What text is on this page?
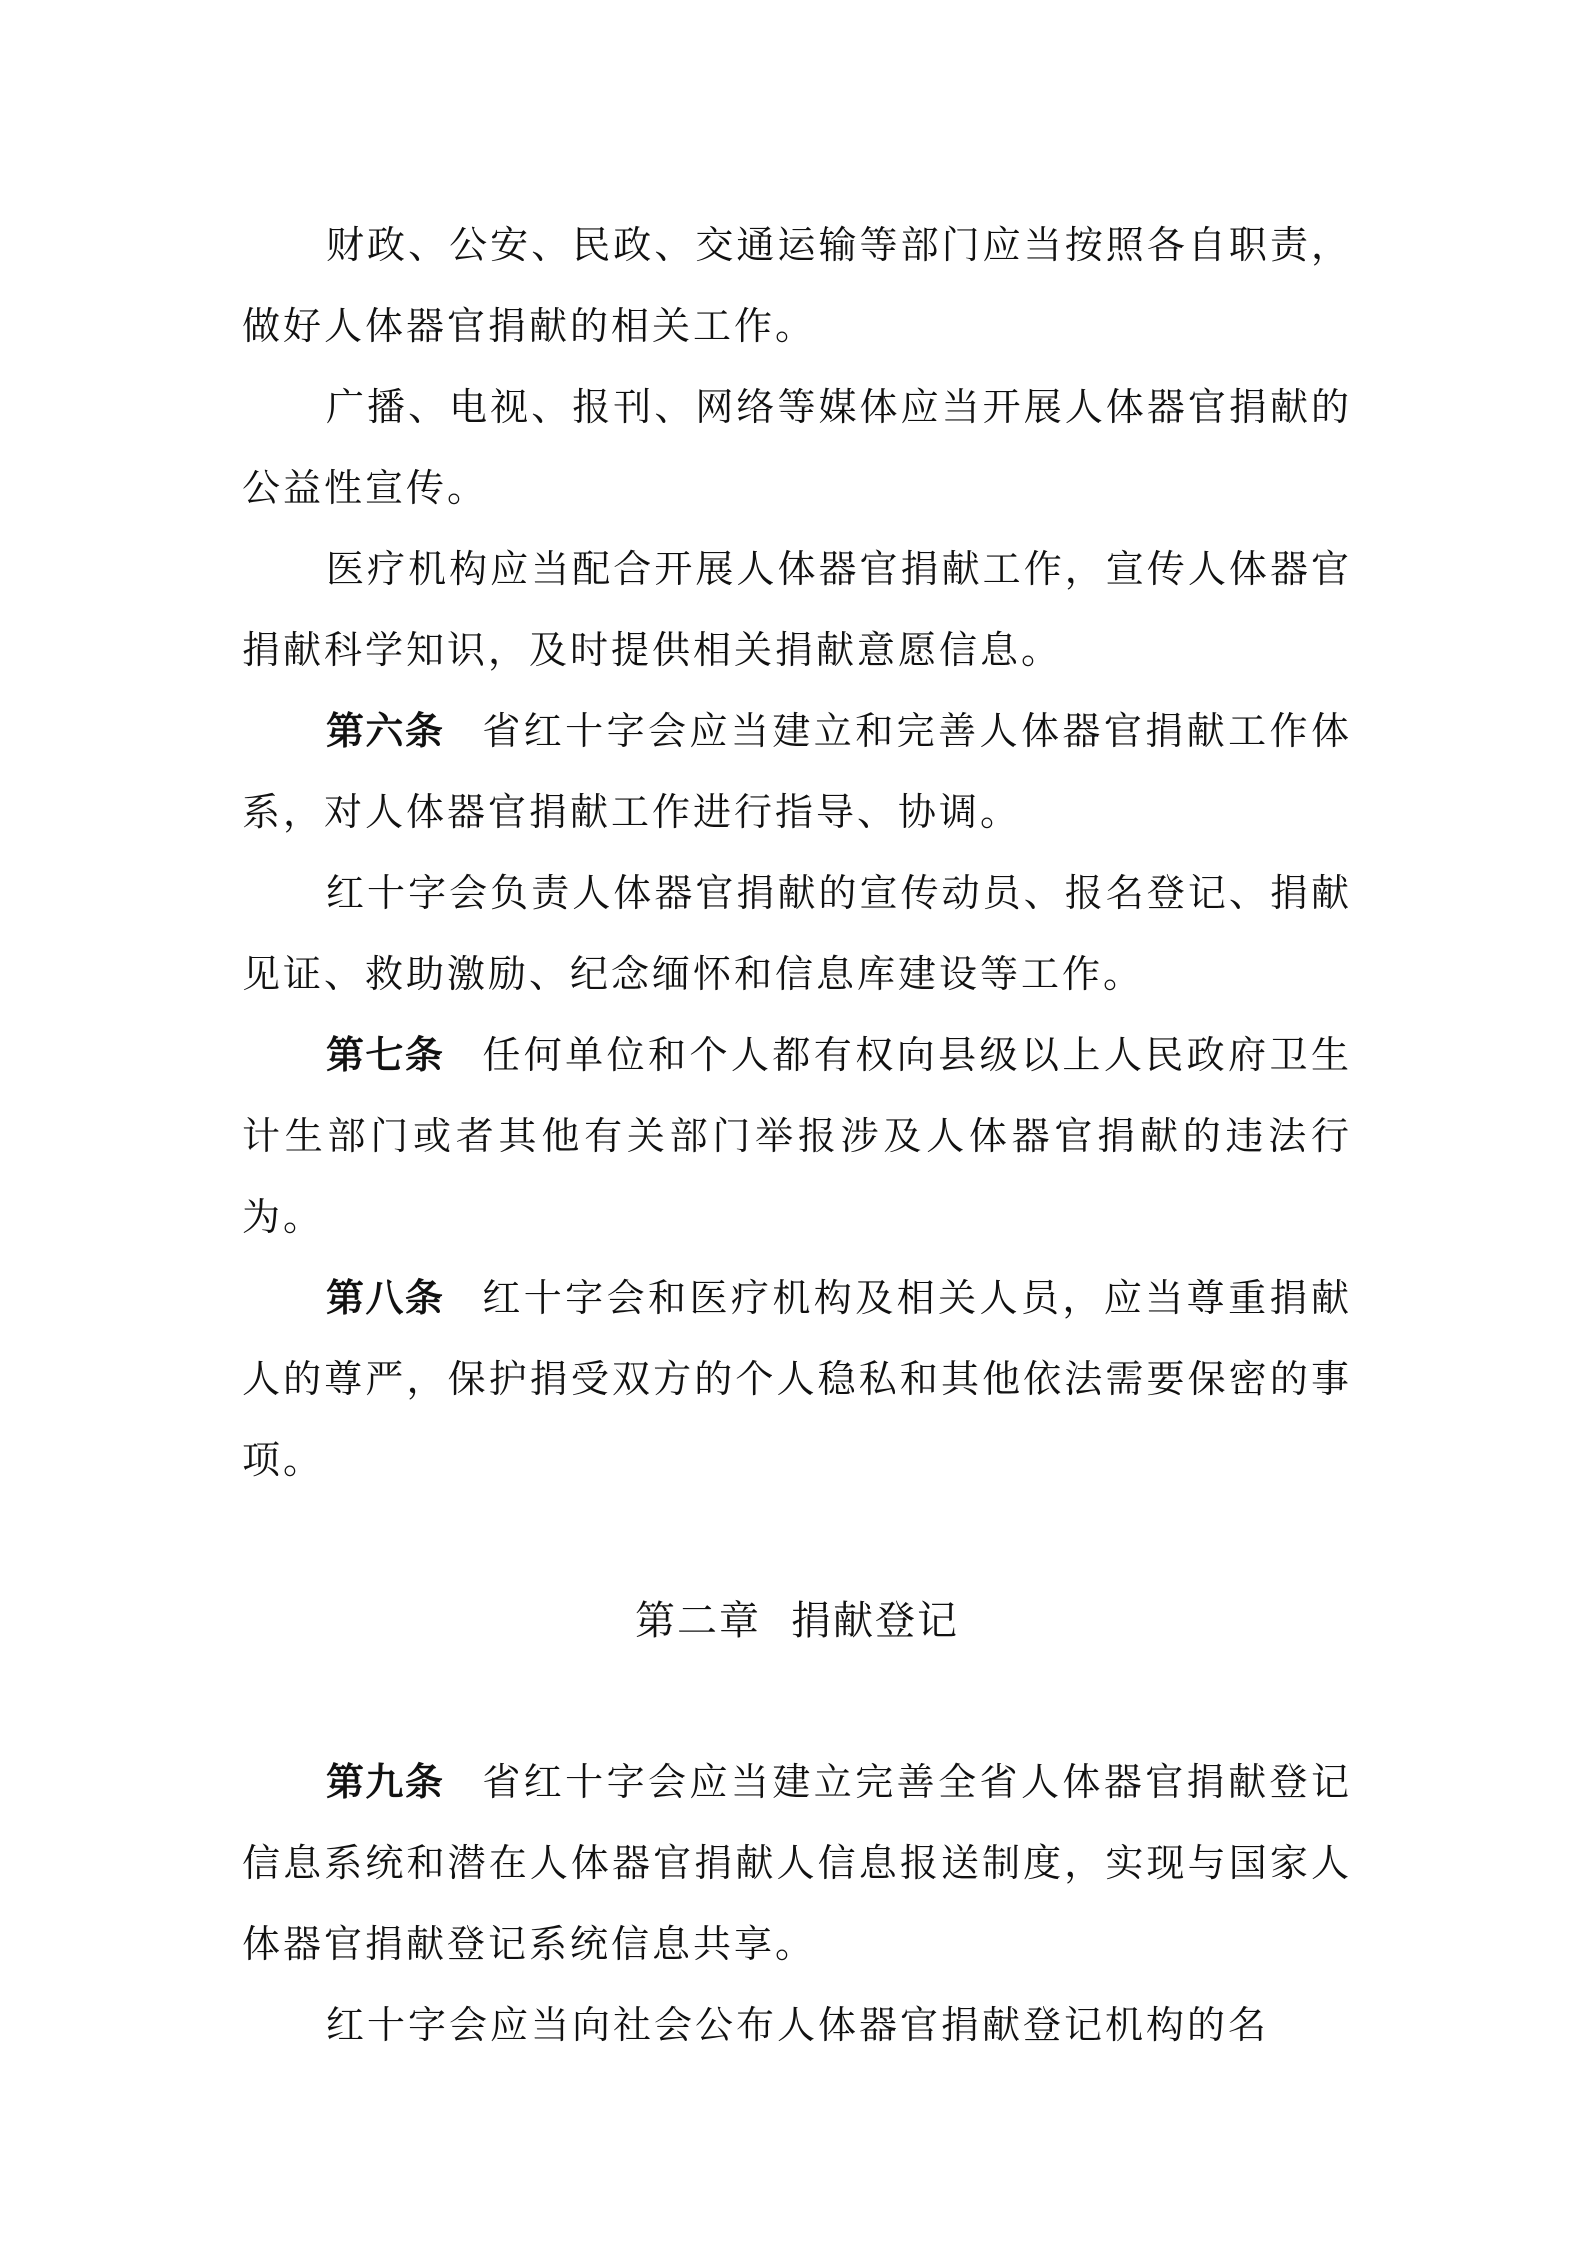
财政、公安、民政、交通运输等部门应当按照各自职责，做好人体器官捐献的相关工作。

广播、电视、报刊、网络等媒体应当开展人体器官捐献的公益性宣传。

医疗机构应当配合开展人体器官捐献工作，宣传人体器官捐献科学知识，及时提供相关捐献意愿信息。

第六条 省红十字会应当建立和完善人体器官捐献工作体系，对人体器官捐献工作进行指导、协调。

红十字会负责人体器官捐献的宣传动员、报名登记、捐献见证、救助激励、纪念缅怀和信息库建设等工作。

第七条 任何单位和个人都有权向县级以上人民政府卫生计生部门或者其他有关部门举报涉及人体器官捐献的违法行为。

第八条 红十字会和医疗机构及相关人员，应当尊重捐献人的尊严，保护捐受双方的个人稳私和其他依法需要保密的事项。

第二章 捐献登记

第九条 省红十字会应当建立完善全省人体器官捐献登记信息系统和潜在人体器官捐献人信息报送制度，实现与国家人体器官捐献登记系统信息共享。

红十字会应当向社会公布人体器官捐献登记机构的名
